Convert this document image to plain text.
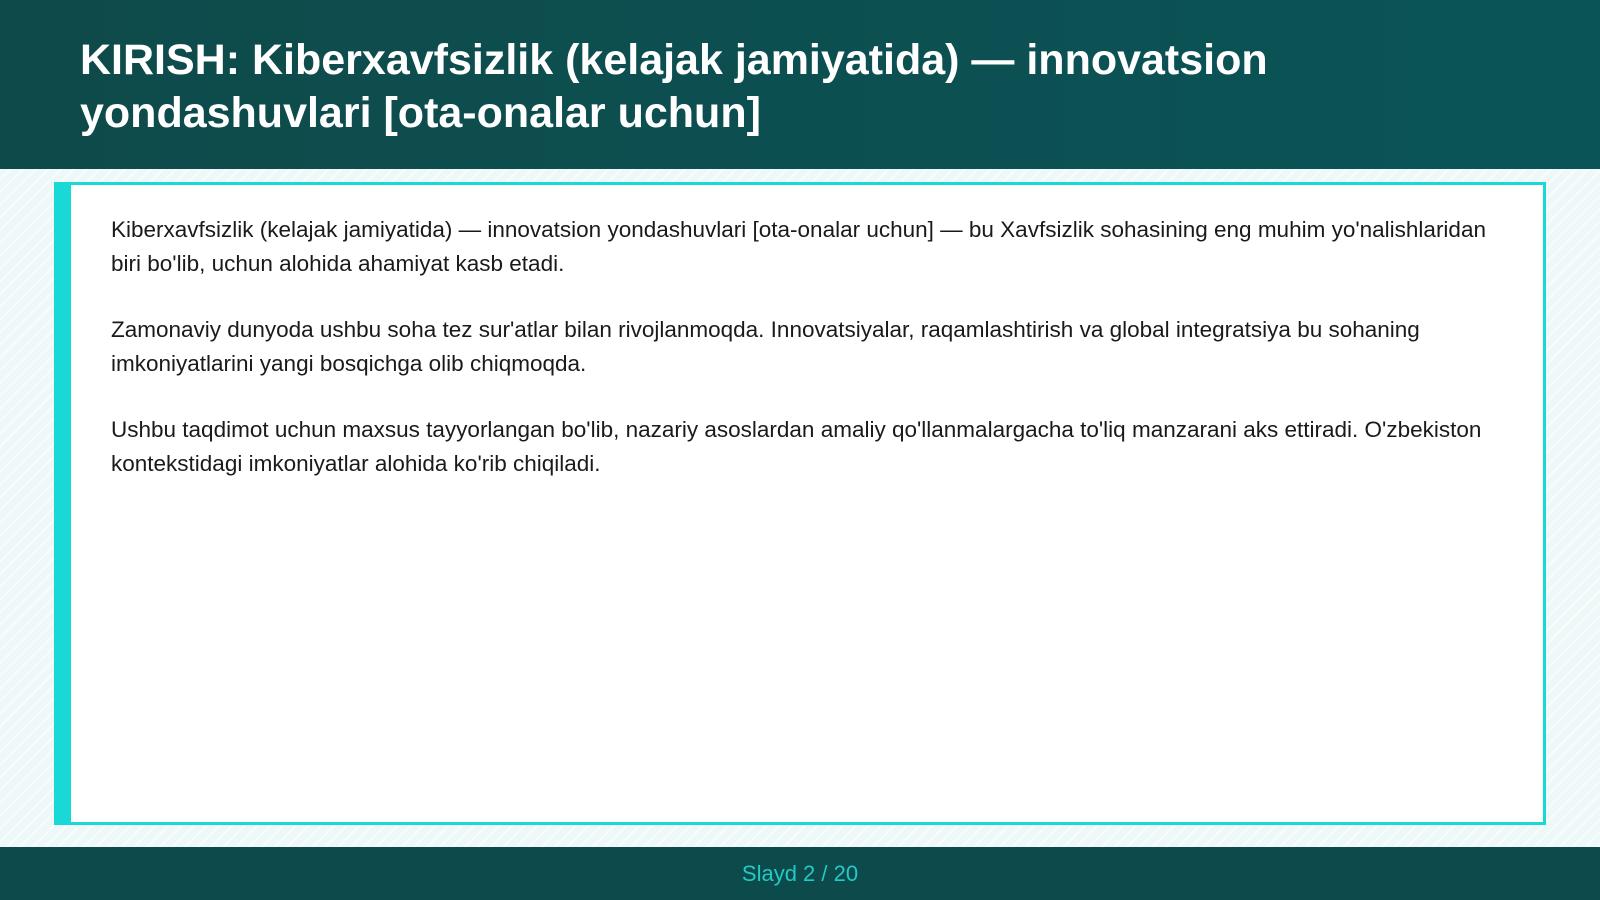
KIRISH: Kiberxavfsizlik (kelajak jamiyatida) — innovatsion yondashuvlari [ota-onalar uchun]

Kiberxavfsizlik (kelajak jamiyatida) — innovatsion yondashuvlari [ota-onalar uchun] — bu Xavfsizlik sohasining eng muhim yo'nalishlaridan biri bo'lib, uchun alohida ahamiyat kasb etadi.

Zamonaviy dunyoda ushbu soha tez sur'atlar bilan rivojlanmoqda. Innovatsiyalar, raqamlashtirish va global integratsiya bu sohaning imkoniyatlarini yangi bosqichga olib chiqmoqda.

Ushbu taqdimot uchun maxsus tayyorlangan bo'lib, nazariy asoslardan amaliy qo'llanmalargacha to'liq manzarani aks ettiradi. O'zbekiston kontekstidagi imkoniyatlar alohida ko'rib chiqiladi.

Slayd 2 / 20
